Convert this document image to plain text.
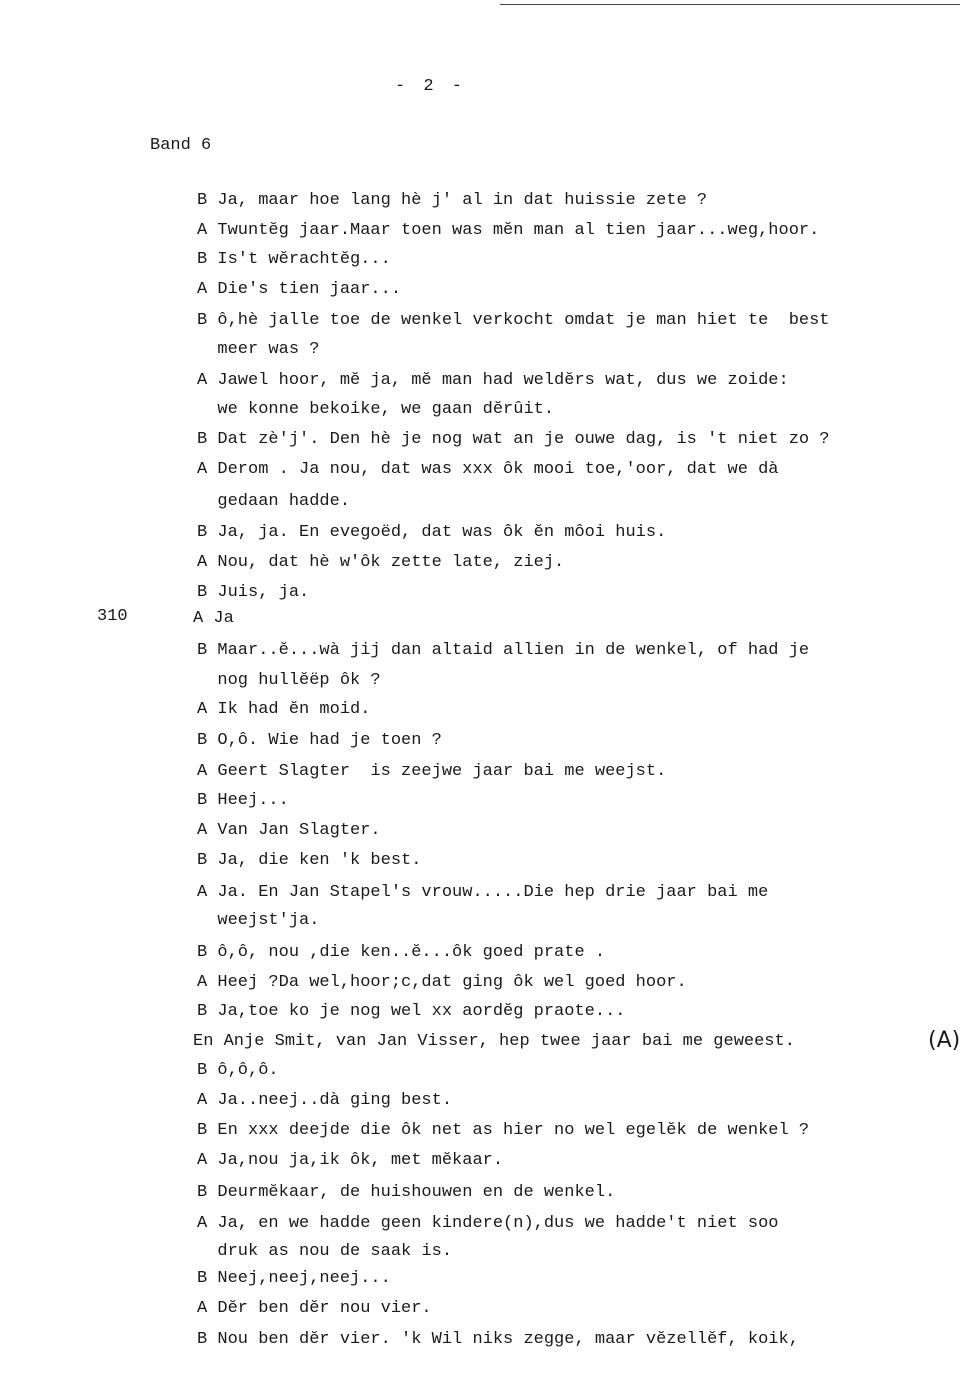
- 2 -
Band 6
310
B Ja, maar hoe lang hè j' al in dat huissie zete ?
A Twuntĕg jaar.Maar toen was mĕn man al tien jaar...weg,hoor.
B Is't wĕrachtĕg...
A Die's tien jaar...
B ô,hè jalle toe de wenkel verkocht omdat je man hiet te  best
meer was ?
A Jawel hoor, mĕ ja, mĕ man had weldĕrs wat, dus we zoide:
we konne bekoike, we gaan dĕrûit.
B Dat zè'j'. Den hè je nog wat an je ouwe dag, is 't niet zo ?
A Derom . Ja nou, dat was xxx ôk mooi toe,'oor, dat we dà
gedaan hadde.
B Ja, ja. En evegoëd, dat was ôk ĕn môoi huis.
A Nou, dat hè w'ôk zette late, ziej.
B Juis, ja.
A Ja
B Maar..ĕ...wà jij dan altaid allien in de wenkel, of had je
nog hullĕëp ôk ?
A Ik had ĕn moid.
B O,ô. Wie had je toen ?
A Geert Slagter  is zeejwe jaar bai me weejst.
B Heej...
A Van Jan Slagter.
B Ja, die ken 'k best.
A Ja. En Jan Stapel's vrouw.....Die hep drie jaar bai me
weejst'ja.
B ô,ô, nou ,die ken..ĕ...ôk goed prate .
A Heej ?Da wel,hoor;c,dat ging ôk wel goed hoor.
B Ja,toe ko je nog wel xx aordĕg praote...
En Anje Smit, van Jan Visser, hep twee jaar bai me geweest.
B ô,ô,ô.
A Ja..neej..dà ging best.
B En xxx deejde die ôk net as hier no wel egelĕk de wenkel ?
A Ja,nou ja,ik ôk, met mĕkaar.
B Deurmĕkaar, de huishouwen en de wenkel.
A Ja, en we hadde geen kindere(n),dus we hadde't niet soo
druk as nou de saak is.
B Neej,neej,neej...
A Dĕr ben dĕr nou vier.
B Nou ben dĕr vier. 'k Wil niks zegge, maar vĕzellĕf, koik,
(A)
